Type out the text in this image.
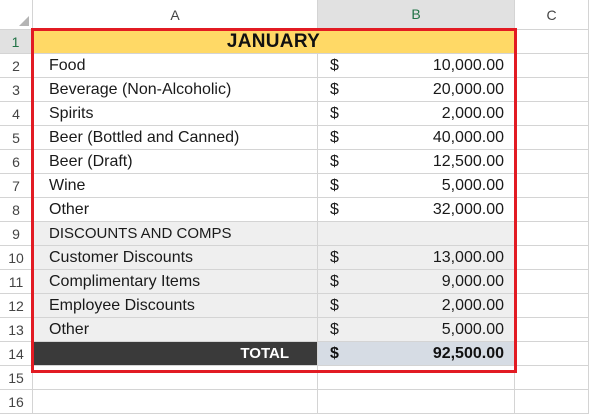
A	B	C
1
2
3
4
5
6
7
8
9
10
11
12
13
14
15
16
JANUARY
Food	$	10,000.00
Beverage (Non-Alcoholic)	$	20,000.00
Spirits	$	2,000.00
Beer (Bottled and Canned)	$	40,000.00
Beer (Draft)	$	12,500.00
Wine	$	5,000.00
Other	$	32,000.00
DISCOUNTS AND COMPS
Customer Discounts	$	13,000.00
Complimentary Items	$	9,000.00
Employee Discounts	$	2,000.00
Other	$	5,000.00
TOTAL	$	92,500.00
